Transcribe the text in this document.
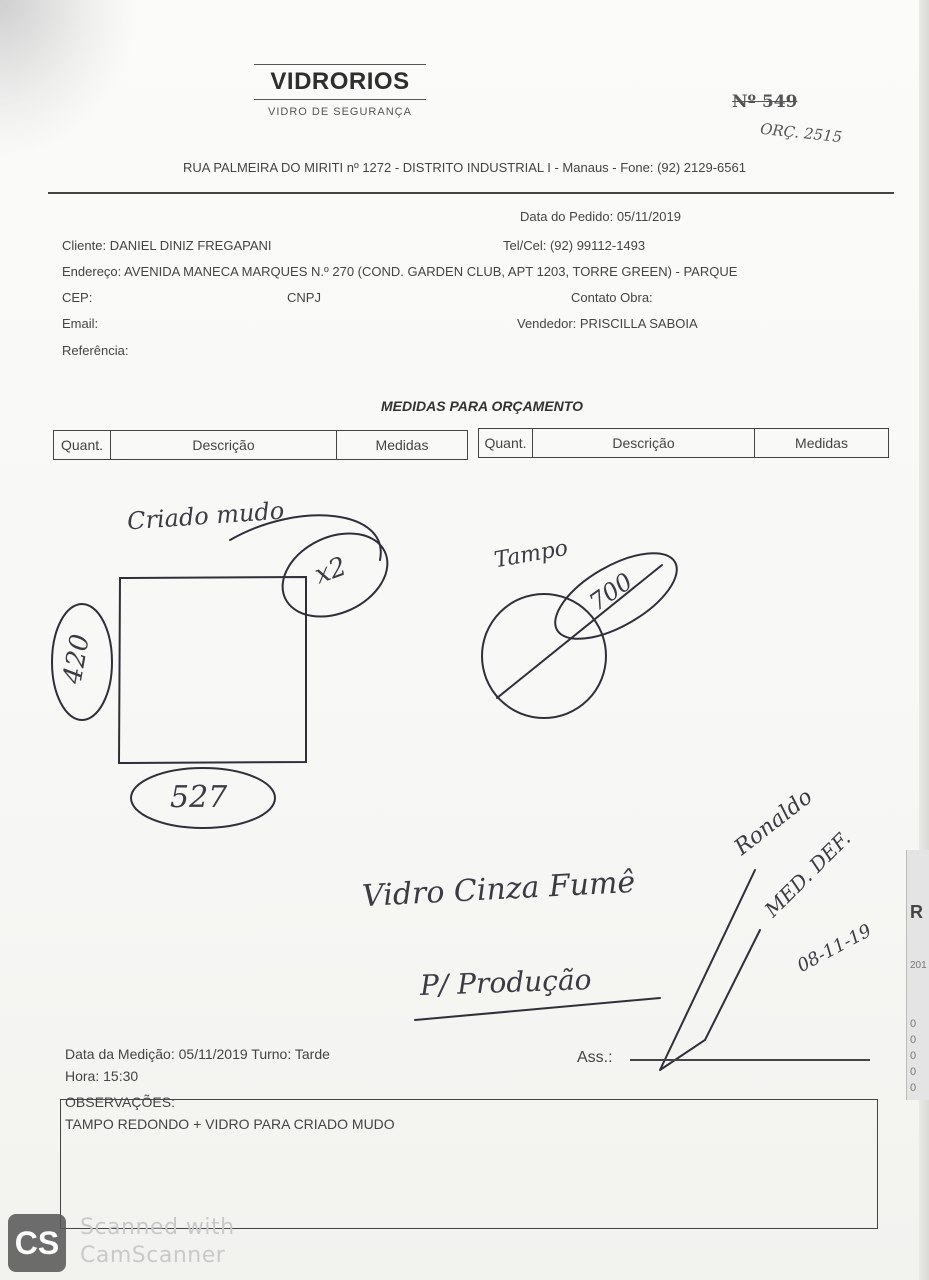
R
201
0
0
0
0
0
VIDRORIOS
VIDRO DE SEGURANÇA	Nº 549
ORÇ. 2515
RUA PALMEIRA DO MIRITI nº 1272 - DISTRITO INDUSTRIAL I - Manaus - Fone: (92) 2129-6561
Data do Pedido: 05/11/2019
Cliente: DANIEL DINIZ FREGAPANI	Tel/Cel: (92) 99112-1493
Endereço: AVENIDA MANECA MARQUES N.º 270 (COND. GARDEN CLUB, APT 1203, TORRE GREEN) - PARQUE
CEP:	CNPJ	Contato Obra:
Email:	Vendedor: PRISCILLA SABOIA
Referência:
MEDIDAS PARA ORÇAMENTO
Quant.	Descrição	Medidas	Quant.	Descrição	Medidas
Criado mudo
x2
420
527
Tampo
700
Vidro Cinza Fumê
P/ Produção
Ronaldo
MED. DEF.
08-11-19
Data da Medição: 05/11/2019 Turno: Tarde
Hora: 15:30
Ass.:
OBSERVAÇÕES:
TAMPO REDONDO + VIDRO PARA CRIADO MUDO
CS Scanned with
CamScanner
